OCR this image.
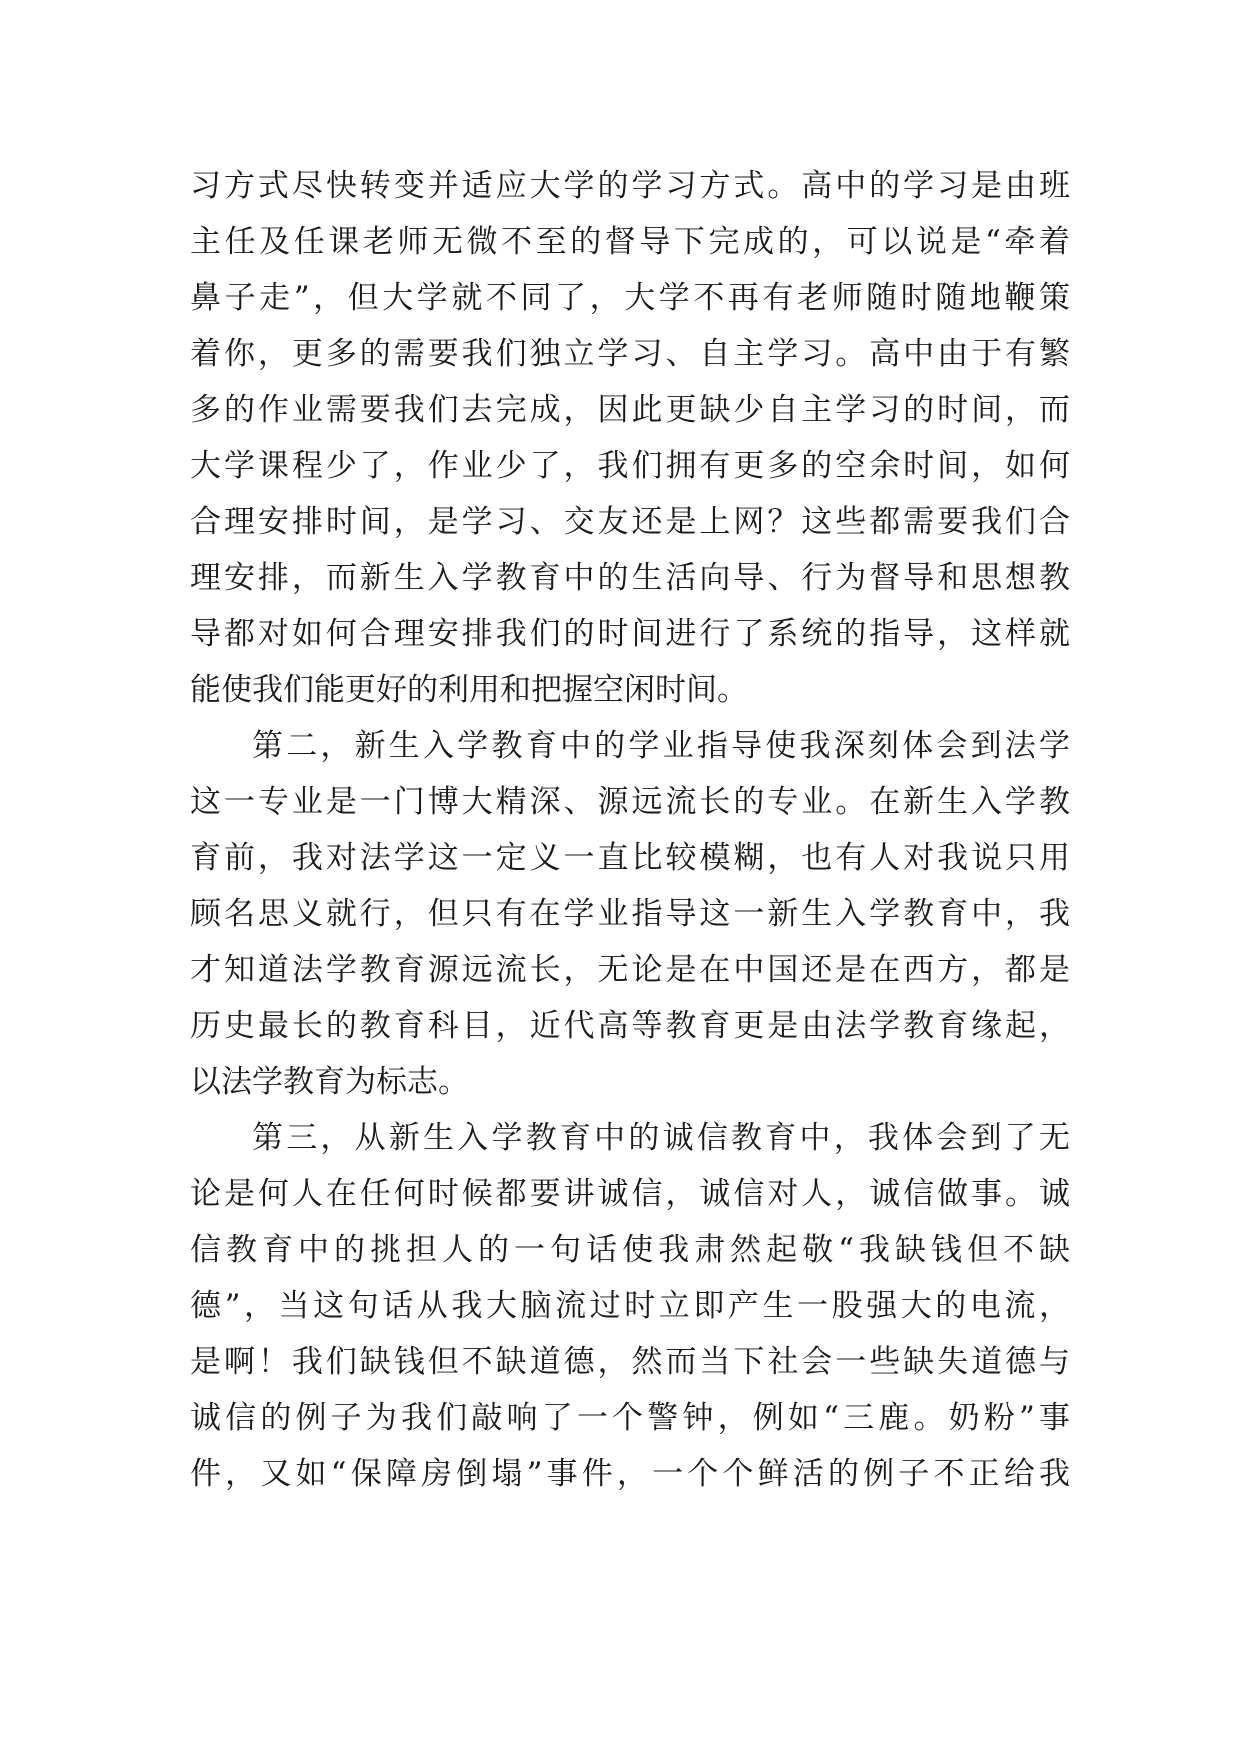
习方式尽快转变并适应大学的学习方式。高中的学习是由班

主任及任课老师无微不至的督导下完成的，可以说是“牵着

鼻子走”，但大学就不同了，大学不再有老师随时随地鞭策

着你，更多的需要我们独立学习、自主学习。高中由于有繁

多的作业需要我们去完成，因此更缺少自主学习的时间，而

大学课程少了，作业少了，我们拥有更多的空余时间，如何

合理安排时间，是学习、交友还是上网？这些都需要我们合

理安排，而新生入学教育中的生活向导、行为督导和思想教

导都对如何合理安排我们的时间进行了系统的指导，这样就

能使我们能更好的利用和把握空闲时间。

第二，新生入学教育中的学业指导使我深刻体会到法学

这一专业是一门博大精深、源远流长的专业。在新生入学教

育前，我对法学这一定义一直比较模糊，也有人对我说只用

顾名思义就行，但只有在学业指导这一新生入学教育中，我

才知道法学教育源远流长，无论是在中国还是在西方，都是

历史最长的教育科目，近代高等教育更是由法学教育缘起，

以法学教育为标志。

第三，从新生入学教育中的诚信教育中，我体会到了无

论是何人在任何时候都要讲诚信，诚信对人，诚信做事。诚

信教育中的挑担人的一句话使我肃然起敬“我缺钱但不缺

德”，当这句话从我大脑流过时立即产生一股强大的电流，

是啊！我们缺钱但不缺道德，然而当下社会一些缺失道德与

诚信的例子为我们敲响了一个警钟，例如“三鹿。奶粉”事

件，又如“保障房倒塌”事件，一个个鲜活的例子不正给我
